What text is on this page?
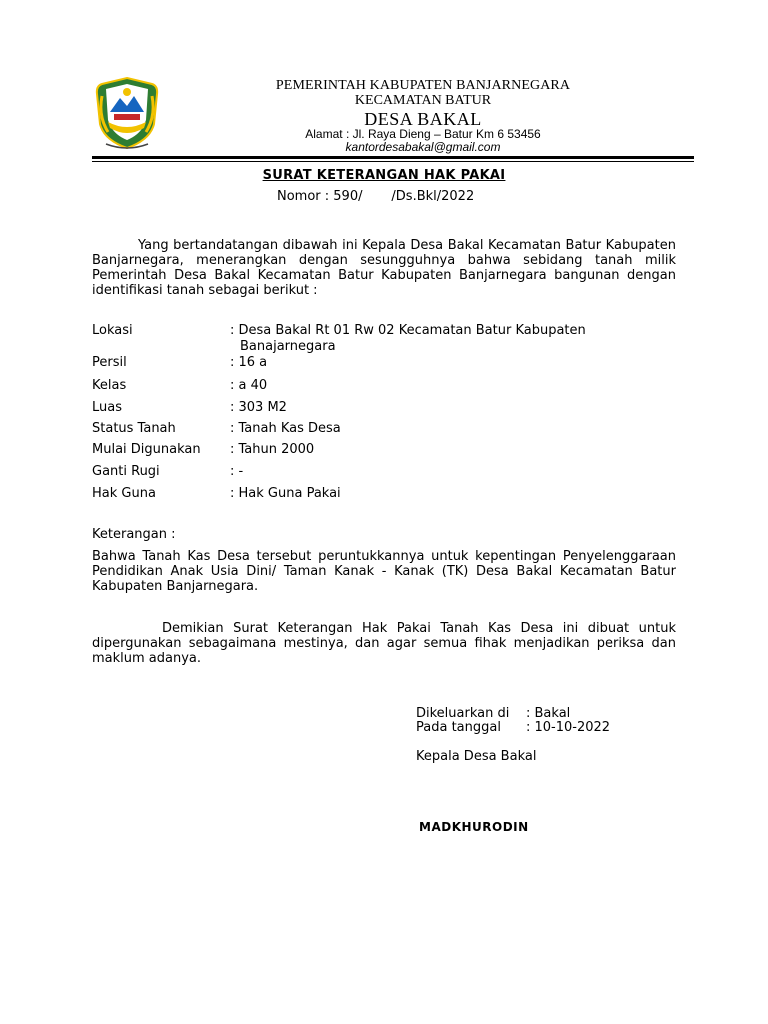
PEMERINTAH KABUPATEN BANJARNEGARA
KECAMATAN BATUR
DESA BAKAL
Alamat : Jl. Raya Dieng – Batur Km 6 53456
kantordesabakal@gmail.com
SURAT KETERANGAN HAK PAKAI
Nomor : 590/       /Ds.Bkl/2022
Yang bertandatangan dibawah ini Kepala Desa Bakal Kecamatan Batur Kabupaten Banjarnegara, menerangkan dengan sesungguhnya bahwa sebidang tanah milik Pemerintah Desa Bakal Kecamatan Batur Kabupaten Banjarnegara bangunan dengan identifikasi tanah sebagai berikut :
Lokasi	: Desa Bakal Rt 01 Rw 02 Kecamatan Batur Kabupaten
Banajarnegara
Persil	: 16 a
Kelas	: a 40
Luas	: 303 M2
Status Tanah	: Tanah Kas Desa
Mulai Digunakan : Tahun 2000
Ganti Rugi	: -
Hak Guna	: Hak Guna Pakai
Keterangan :
Bahwa Tanah Kas Desa tersebut peruntukkannya untuk kepentingan Penyelenggaraan Pendidikan Anak Usia Dini/ Taman Kanak - Kanak (TK) Desa Bakal Kecamatan Batur Kabupaten Banjarnegara.
Demikian Surat Keterangan Hak Pakai Tanah Kas Desa ini dibuat untuk dipergunakan sebagaimana mestinya, dan agar semua fihak menjadikan periksa dan maklum adanya.
Dikeluarkan di : Bakal
Pada tanggal : 10-10-2022
Kepala Desa Bakal
MADKHURODIN
